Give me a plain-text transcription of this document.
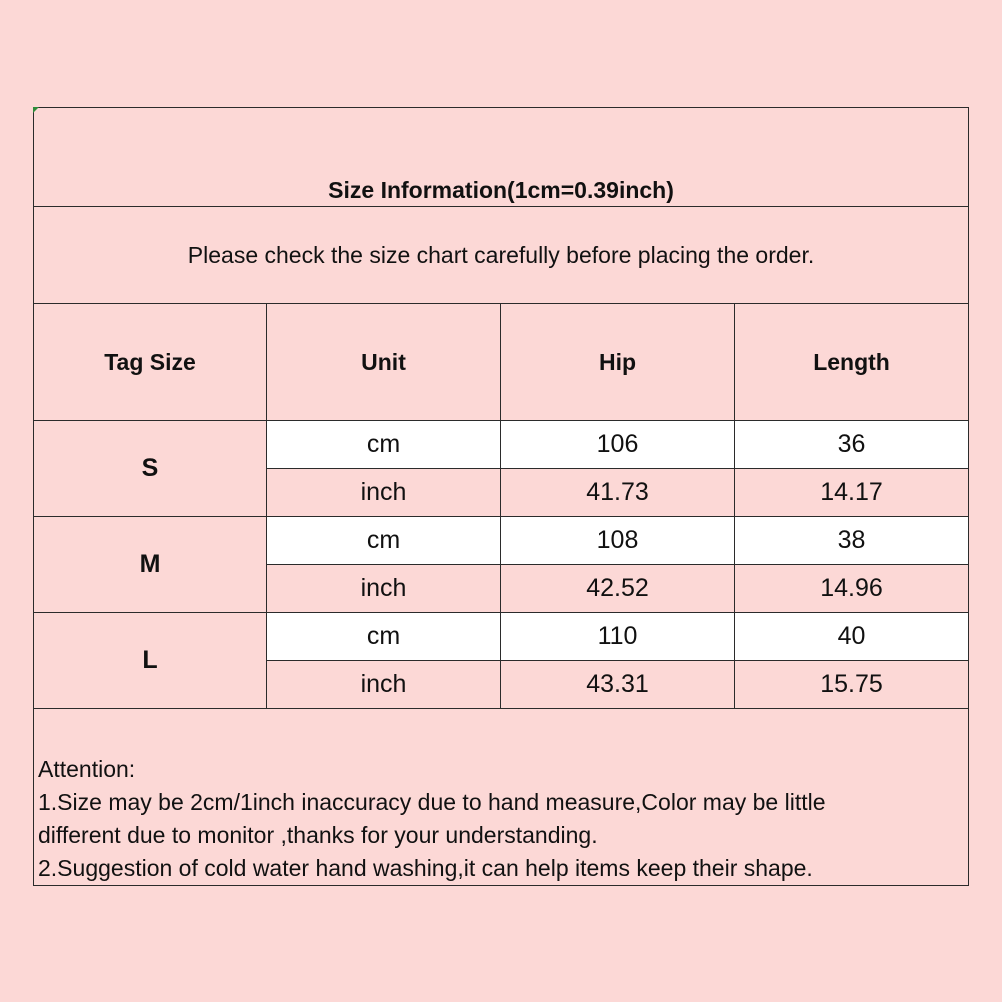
Size Information(1cm=0.39inch)			
Please check the size chart carefully before placing the order.			
Tag Size	Unit	Hip	Length
S	cm	106	36
	inch	41.73	14.17
M	cm	108	38
	inch	42.52	14.96
L	cm	110	40
	inch	43.31	15.75

Attention:
1.Size may be 2cm/1inch inaccuracy due to hand measure,Color may be little
different due to monitor ,thanks for your understanding.
2.Suggestion of cold water hand washing,it can help items keep their shape.			
